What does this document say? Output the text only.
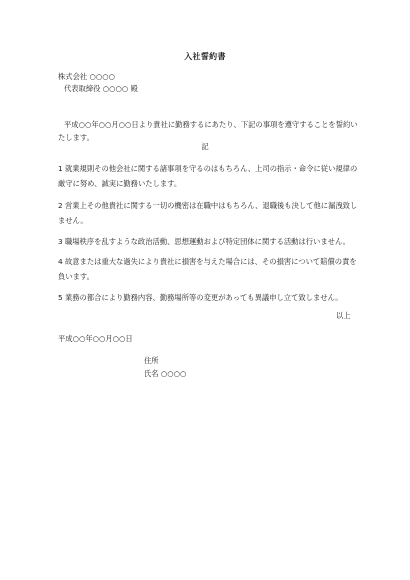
入社誓約書
株式会社 ○○○○
代表取締役 ○○○○ 殿
平成○○年○○月○○日より貴社に勤務するにあたり、下記の事項を遵守することを誓約いたします。
記
1 就業規則その他会社に関する諸事項を守るのはもちろん、上司の指示・命令に従い規律の厳守に努め、誠実に勤務いたします。
2 営業上その他貴社に関する一切の機密は在職中はもちろん、退職後も決して他に漏洩致しません。
3 職場秩序を乱すような政治活動、思想運動および特定団体に関する活動は行いません。
4 故意または重大な過失により貴社に損害を与えた場合には、その損害について賠償の責を負います。
5 業務の都合により勤務内容、勤務場所等の変更があっても異議申し立て致しません。
以上
平成○○年○○月○○日
住所
氏名 ○○○○
